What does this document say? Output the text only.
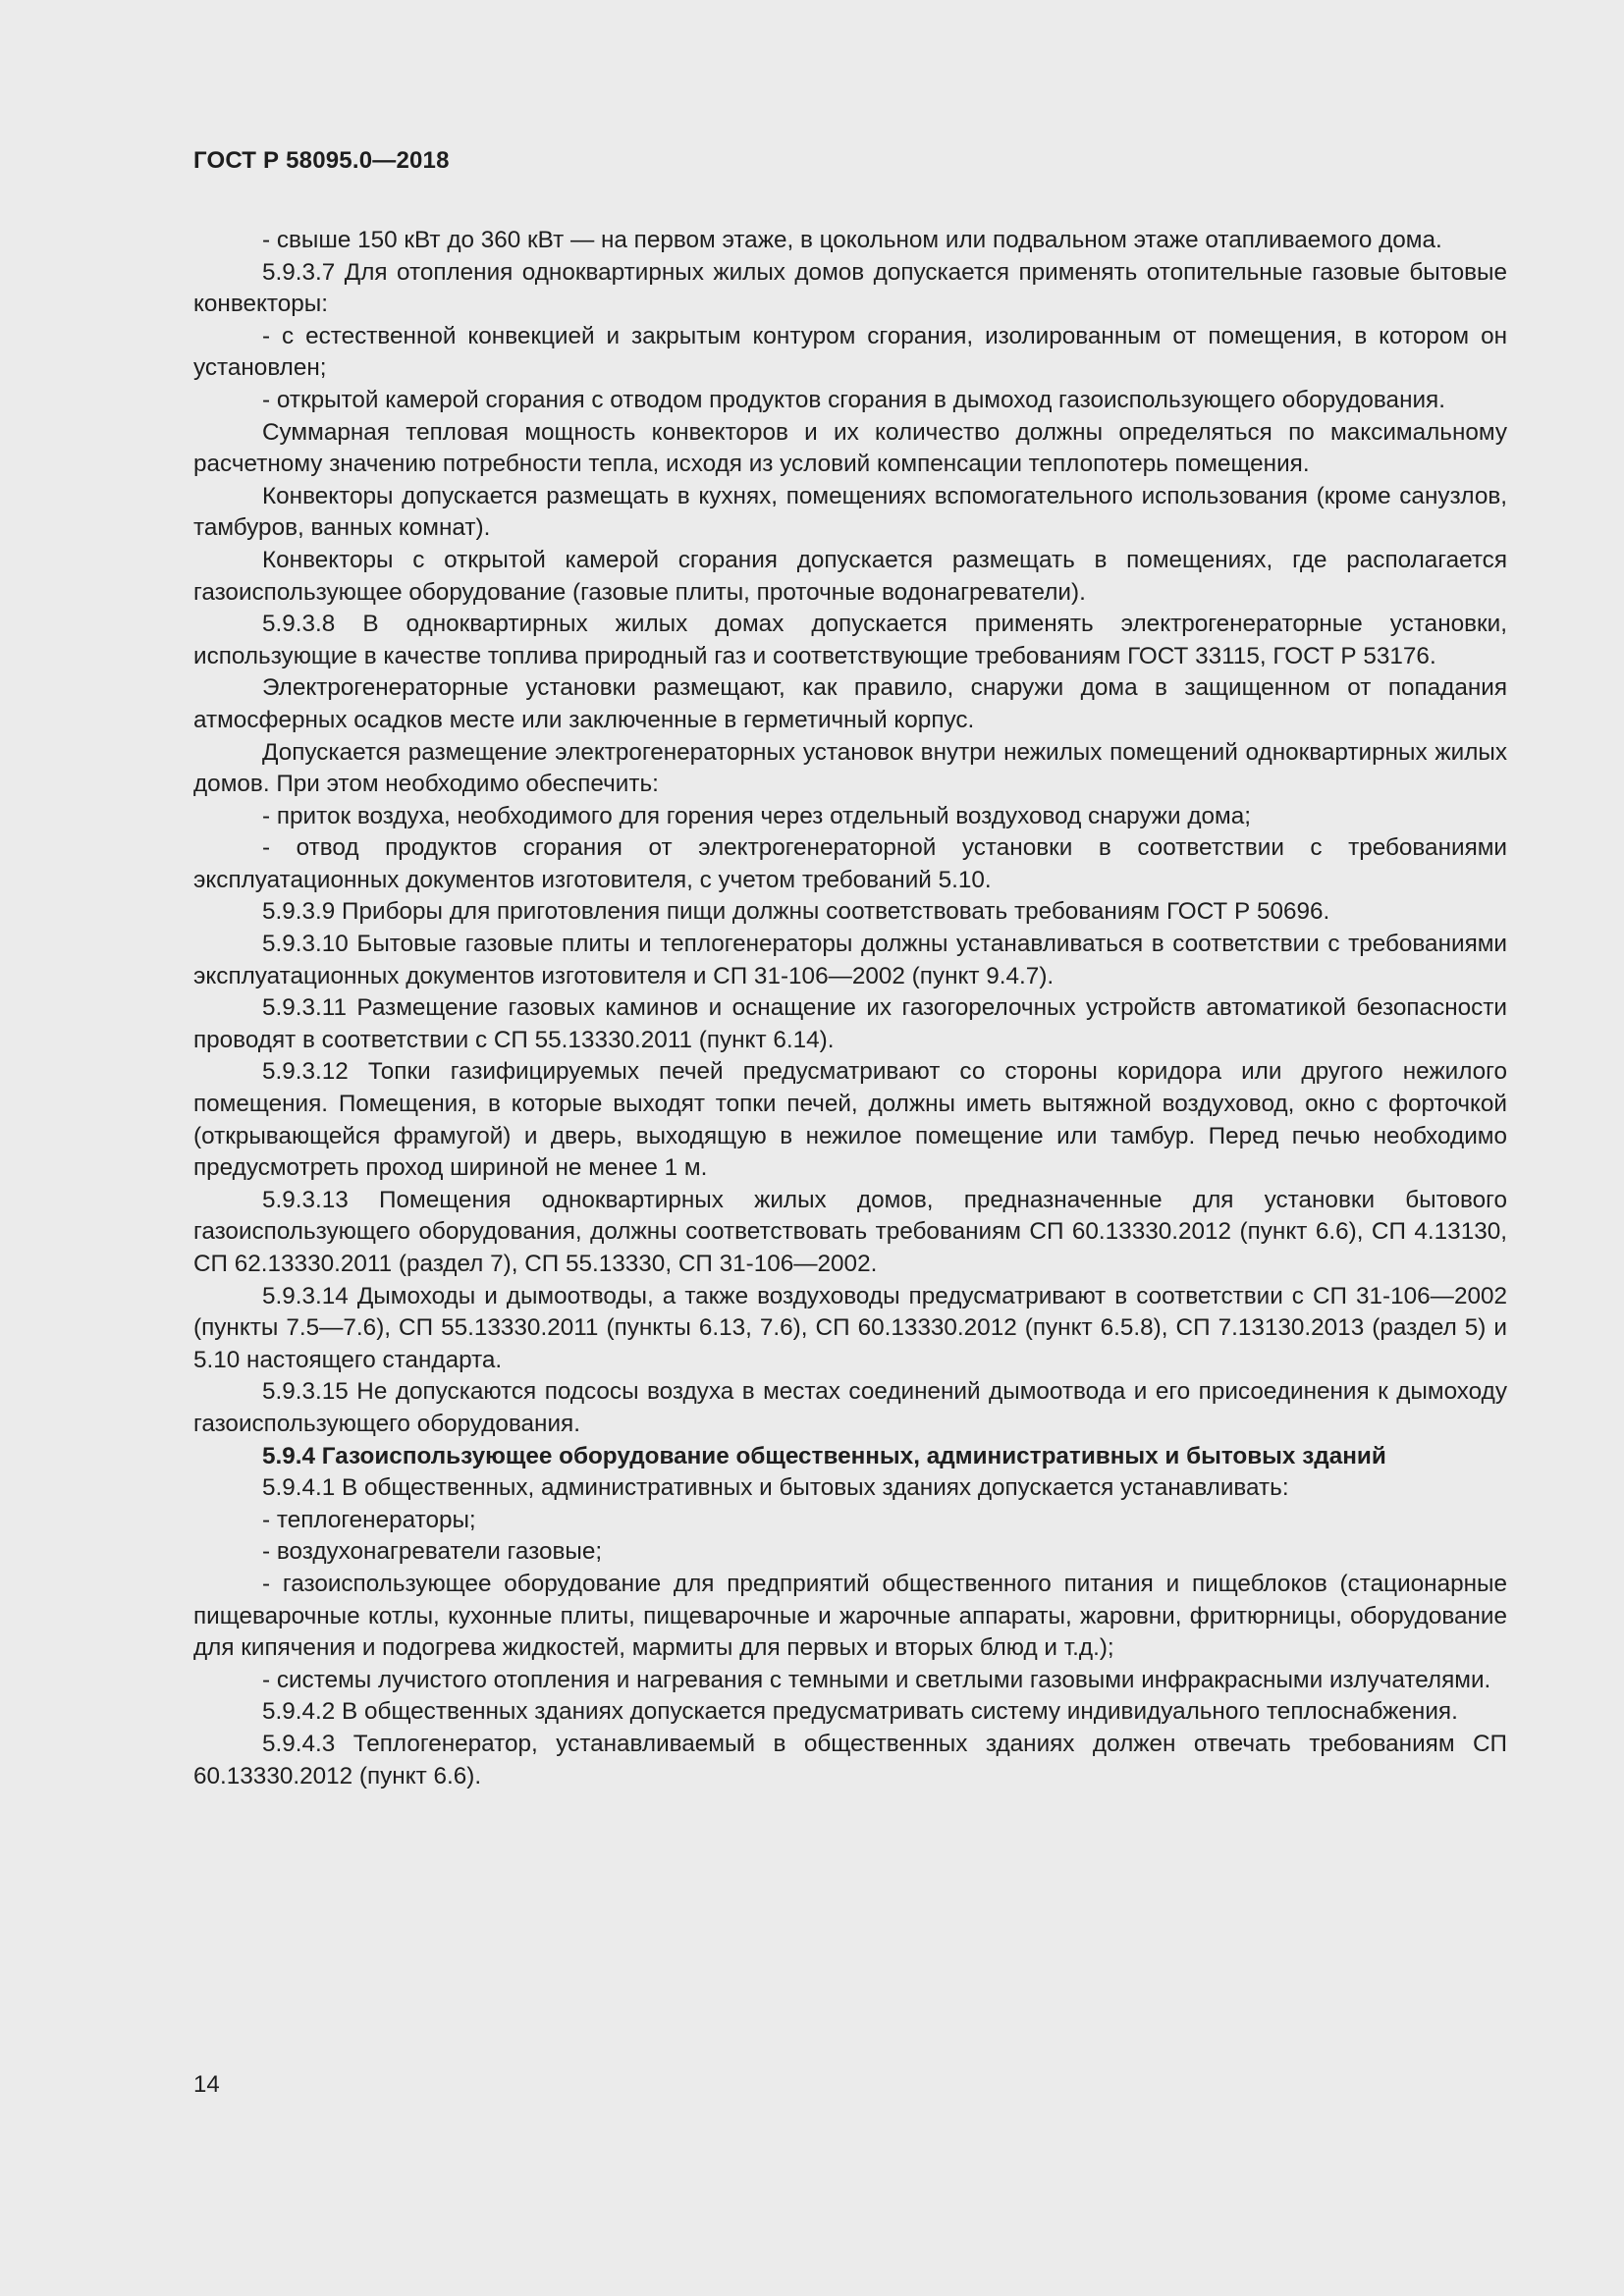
ГОСТ Р 58095.0—2018

- свыше 150 кВт до 360 кВт — на первом этаже, в цокольном или подвальном этаже отапливаемого дома.

5.9.3.7 Для отопления одноквартирных жилых домов допускается применять отопительные газовые бытовые конвекторы:

- с естественной конвекцией и закрытым контуром сгорания, изолированным от помещения, в котором он установлен;

- открытой камерой сгорания с отводом продуктов сгорания в дымоход газоиспользующего оборудования.

Суммарная тепловая мощность конвекторов и их количество должны определяться по максимальному расчетному значению потребности тепла, исходя из условий компенсации теплопотерь помещения.

Конвекторы допускается размещать в кухнях, помещениях вспомогательного использования (кроме санузлов, тамбуров, ванных комнат).

Конвекторы с открытой камерой сгорания допускается размещать в помещениях, где располагается газоиспользующее оборудование (газовые плиты, проточные водонагреватели).

5.9.3.8 В одноквартирных жилых домах допускается применять электрогенераторные установки, использующие в качестве топлива природный газ и соответствующие требованиям ГОСТ 33115, ГОСТ Р 53176.

Электрогенераторные установки размещают, как правило, снаружи дома в защищенном от попадания атмосферных осадков месте или заключенные в герметичный корпус.

Допускается размещение электрогенераторных установок внутри нежилых помещений одноквартирных жилых домов. При этом необходимо обеспечить:

- приток воздуха, необходимого для горения через отдельный воздуховод снаружи дома;

- отвод продуктов сгорания от электрогенераторной установки в соответствии с требованиями эксплуатационных документов изготовителя, с учетом требований 5.10.

5.9.3.9 Приборы для приготовления пищи должны соответствовать требованиям ГОСТ Р 50696.

5.9.3.10 Бытовые газовые плиты и теплогенераторы должны устанавливаться в соответствии с требованиями эксплуатационных документов изготовителя и СП 31-106—2002 (пункт 9.4.7).

5.9.3.11 Размещение газовых каминов и оснащение их газогорелочных устройств автоматикой безопасности проводят в соответствии с СП 55.13330.2011 (пункт 6.14).

5.9.3.12 Топки газифицируемых печей предусматривают со стороны коридора или другого нежилого помещения. Помещения, в которые выходят топки печей, должны иметь вытяжной воздуховод, окно с форточкой (открывающейся фрамугой) и дверь, выходящую в нежилое помещение или тамбур. Перед печью необходимо предусмотреть проход шириной не менее 1 м.

5.9.3.13 Помещения одноквартирных жилых домов, предназначенные для установки бытового газоиспользующего оборудования, должны соответствовать требованиям СП 60.13330.2012 (пункт 6.6), СП 4.13130, СП 62.13330.2011 (раздел 7), СП 55.13330, СП 31-106—2002.

5.9.3.14 Дымоходы и дымоотводы, а также воздуховоды предусматривают в соответствии с СП 31-106—2002 (пункты 7.5—7.6), СП 55.13330.2011 (пункты 6.13, 7.6), СП 60.13330.2012 (пункт 6.5.8), СП 7.13130.2013 (раздел 5) и 5.10 настоящего стандарта.

5.9.3.15 Не допускаются подсосы воздуха в местах соединений дымоотвода и его присоединения к дымоходу газоиспользующего оборудования.

5.9.4 Газоиспользующее оборудование общественных, административных и бытовых зданий

5.9.4.1 В общественных, административных и бытовых зданиях допускается устанавливать:

- теплогенераторы;

- воздухонагреватели газовые;

- газоиспользующее оборудование для предприятий общественного питания и пищеблоков (стационарные пищеварочные котлы, кухонные плиты, пищеварочные и жарочные аппараты, жаровни, фритюрницы, оборудование для кипячения и подогрева жидкостей, мармиты для первых и вторых блюд и т.д.);

- системы лучистого отопления и нагревания с темными и светлыми газовыми инфракрасными излучателями.

5.9.4.2 В общественных зданиях допускается предусматривать систему индивидуального теплоснабжения.

5.9.4.3 Теплогенератор, устанавливаемый в общественных зданиях должен отвечать требованиям СП 60.13330.2012 (пункт 6.6).

14
